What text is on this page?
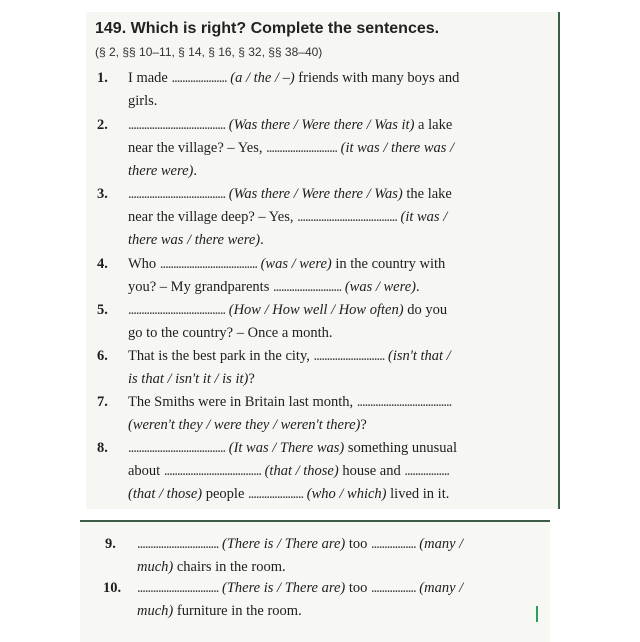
149. Which is right? Complete the sentences.
(§ 2, §§ 10–11, § 14, § 16, § 32, §§ 38–40)
1. I made ..................... (a / the / –) friends with many boys and
girls.
2. ..................................... (Was there / Were there / Was it) a lake
near the village? – Yes, ........................... (it was / there was /
there were).
3. ..................................... (Was there / Were there / Was) the lake
near the village deep? – Yes, ...................................... (it was /
there was / there were).
4. Who ..................................... (was / were) in the country with
you? – My grandparents .......................... (was / were).
5. ..................................... (How / How well / How often) do you
go to the country? – Once a month.
6. That is the best park in the city, ........................... (isn't that /
is that / isn't it / is it)?
7. The Smiths were in Britain last month, ....................................
(weren't they / were they / weren't there)?
8. ..................................... (It was / There was) something unusual
about ..................................... (that / those) house and .................
(that / those) people ..................... (who / which) lived in it.
9. ............................... (There is / There are) too ................. (many /
much) chairs in the room.
10. ............................... (There is / There are) too ................. (many /
much) furniture in the room.
